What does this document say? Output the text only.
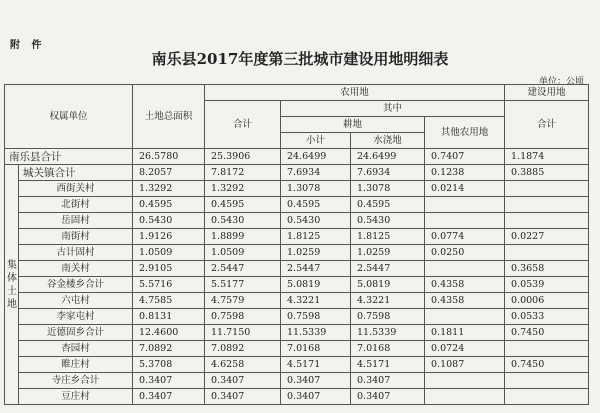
附 件
南乐县2017年度第三批城市建设用地明细表
单位：公顷
权属单位		土地总面积	农用地				建设用地
			合计	其中			合计
				耕地		其他农用地	
				小计	水浇地		
南乐县合计		26.5780	25.3906	24.6499	24.6499	0.7407	1.1874
集体土地	城关镇合计	8.2057	7.8172	7.6934	7.6934	0.1238	0.3885
	西街关村	1.3292	1.3292	1.3078	1.3078	0.0214	
	北街村	0.4595	0.4595	0.4595	0.4595		
	岳固村	0.5430	0.5430	0.5430	0.5430		
	南街村	1.9126	1.8899	1.8125	1.8125	0.0774	0.0227
	古计固村	1.0509	1.0509	1.0259	1.0259	0.0250	
	南关村	2.9105	2.5447	2.5447	2.5447		0.3658
	谷金楼乡合计	5.5716	5.5177	5.0819	5.0819	0.4358	0.0539
	六屯村	4.7585	4.7579	4.3221	4.3221	0.4358	0.0006
	李家屯村	0.8131	0.7598	0.7598	0.7598		0.0533
	近德固乡合计	12.4600	11.7150	11.5339	11.5339	0.1811	0.7450
	杏园村	7.0892	7.0892	7.0168	7.0168	0.0724	
	睢庄村	5.3708	4.6258	4.5171	4.5171	0.1087	0.7450
	寺庄乡合计	0.3407	0.3407	0.3407	0.3407		
	豆庄村	0.3407	0.3407	0.3407	0.3407		
